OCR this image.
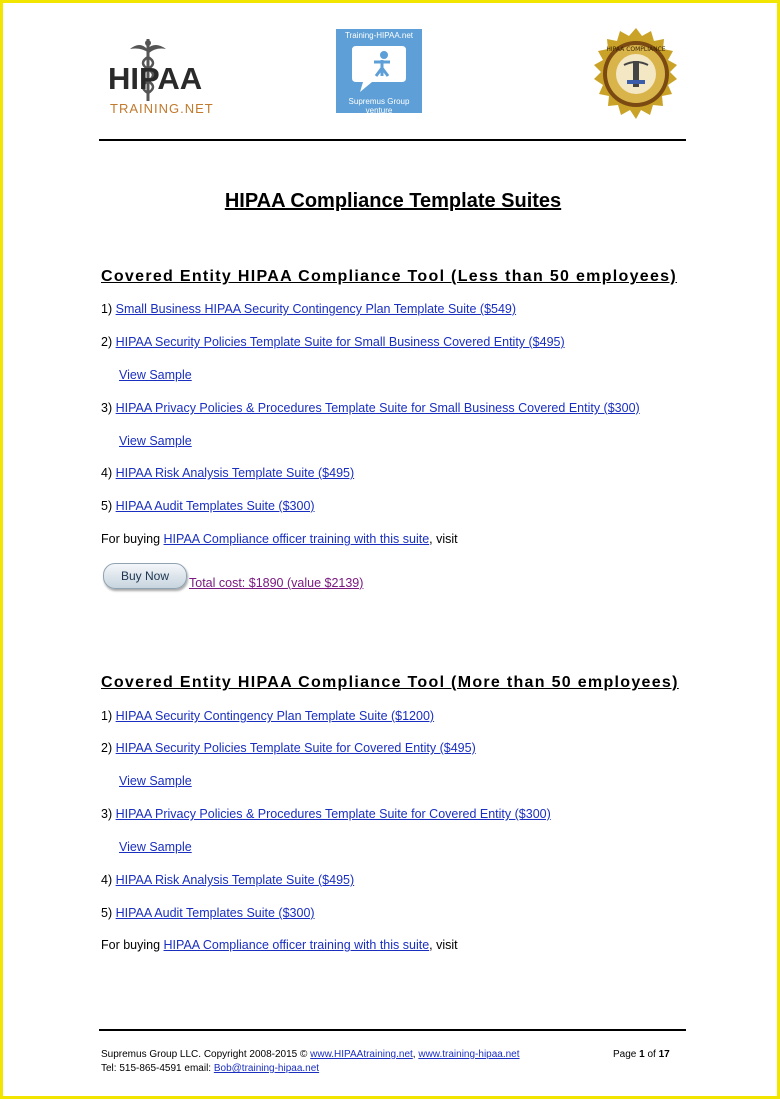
HIPAA
TRAINING.NET
Training-HIPAA.net
Supremus Group
venture
HIPAA COMPLIANCE
HIPAA Compliance Template Suites
Covered Entity HIPAA Compliance Tool (Less than 50 employees)
1) Small Business HIPAA Security Contingency Plan Template Suite ($549)
2) HIPAA Security Policies Template Suite for Small Business Covered Entity ($495)
View Sample
3) HIPAA Privacy Policies & Procedures Template Suite for Small Business Covered Entity ($300)
View Sample
4) HIPAA Risk Analysis Template Suite ($495)
5) HIPAA Audit Templates Suite ($300)
For buying HIPAA Compliance officer training with this suite, visit
Buy Now	Total cost: $1890 (value $2139)
Covered Entity HIPAA Compliance Tool (More than 50 employees)
1) HIPAA Security Contingency Plan Template Suite ($1200)
2) HIPAA Security Policies Template Suite for Covered Entity ($495)
View Sample
3) HIPAA Privacy Policies & Procedures Template Suite for Covered Entity ($300)
View Sample
4) HIPAA Risk Analysis Template Suite ($495)
5) HIPAA Audit Templates Suite ($300)
For buying HIPAA Compliance officer training with this suite, visit
Supremus Group LLC. Copyright 2008-2015 © www.HIPAAtraining.net, www.training-hipaa.net	Page 1 of 17
Tel: 515-865-4591 email: Bob@training-hipaa.net
